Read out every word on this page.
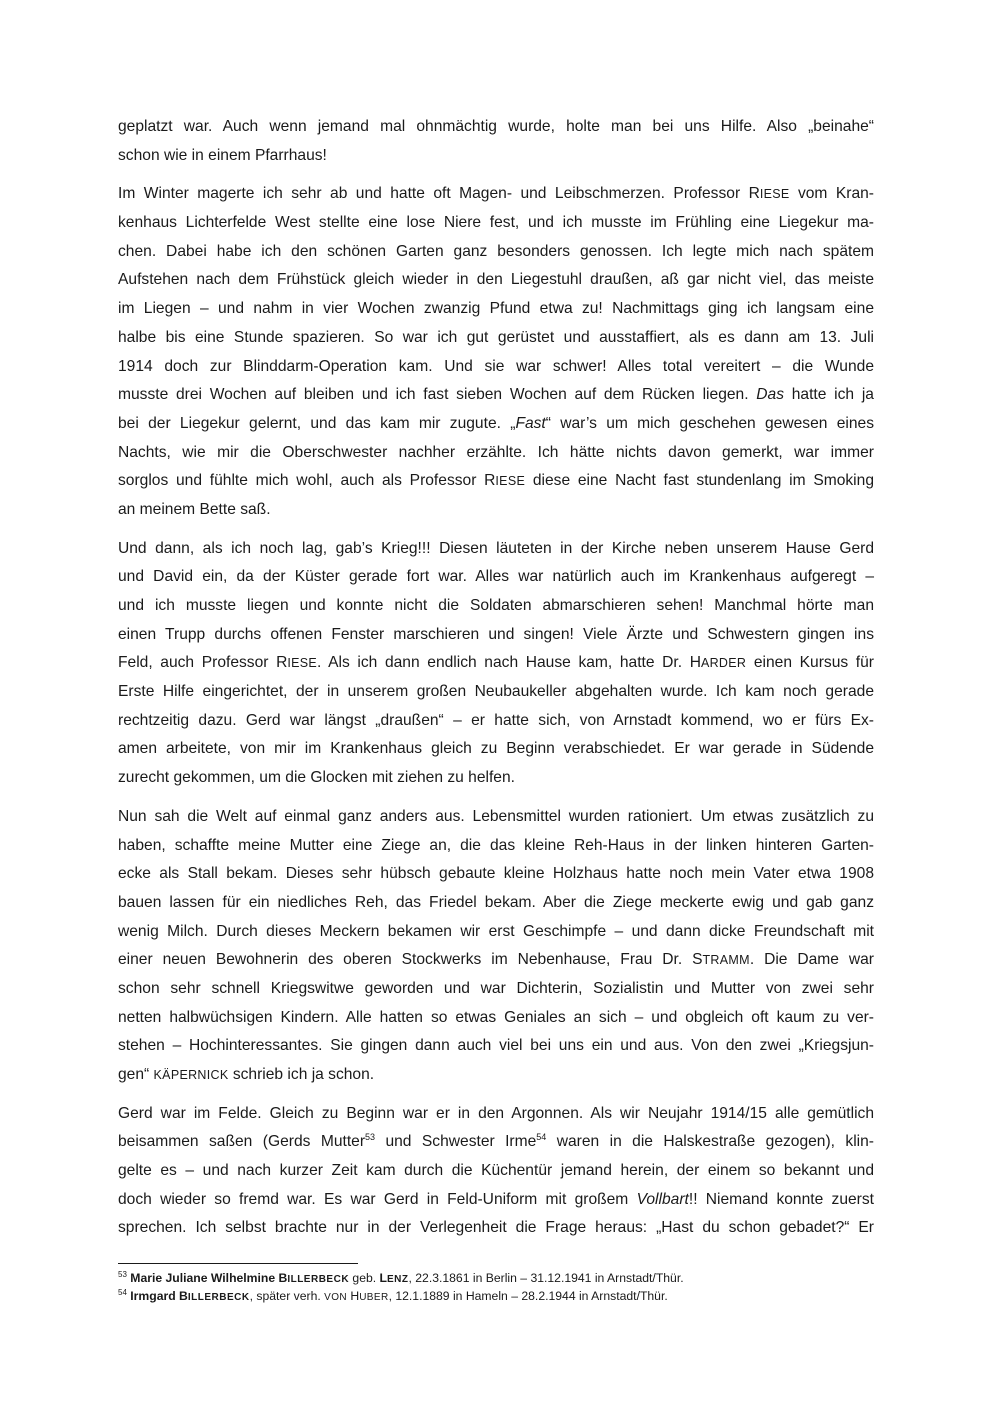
geplatzt war. Auch wenn jemand mal ohnmächtig wurde, holte man bei uns Hilfe. Also „beinahe“
schon wie in einem Pfarrhaus!
Im Winter magerte ich sehr ab und hatte oft Magen- und Leibschmerzen. Professor RIESE vom Kran-
kenhaus Lichterfelde West stellte eine lose Niere fest, und ich musste im Frühling eine Liegekur ma-
chen. Dabei habe ich den schönen Garten ganz besonders genossen. Ich legte mich nach spätem
Aufstehen nach dem Frühstück gleich wieder in den Liegestuhl draußen, aß gar nicht viel, das meiste
im Liegen – und nahm in vier Wochen zwanzig Pfund etwa zu! Nachmittags ging ich langsam eine
halbe bis eine Stunde spazieren. So war ich gut gerüstet und ausstaffiert, als es dann am 13. Juli
1914 doch zur Blinddarm-Operation kam. Und sie war schwer! Alles total vereitert – die Wunde
musste drei Wochen auf bleiben und ich fast sieben Wochen auf dem Rücken liegen. Das hatte ich ja
bei der Liegekur gelernt, und das kam mir zugute. „Fast“ war’s um mich geschehen gewesen eines
Nachts, wie mir die Oberschwester nachher erzählte. Ich hätte nichts davon gemerkt, war immer
sorglos und fühlte mich wohl, auch als Professor RIESE diese eine Nacht fast stundenlang im Smoking
an meinem Bette saß.
Und dann, als ich noch lag, gab’s Krieg!!! Diesen läuteten in der Kirche neben unserem Hause Gerd
und David ein, da der Küster gerade fort war. Alles war natürlich auch im Krankenhaus aufgeregt –
und ich musste liegen und konnte nicht die Soldaten abmarschieren sehen! Manchmal hörte man
einen Trupp durchs offenen Fenster marschieren und singen! Viele Ärzte und Schwestern gingen ins
Feld, auch Professor RIESE. Als ich dann endlich nach Hause kam, hatte Dr. HARDER einen Kursus für
Erste Hilfe eingerichtet, der in unserem großen Neubaukeller abgehalten wurde. Ich kam noch gerade
rechtzeitig dazu. Gerd war längst „draußen“ – er hatte sich, von Arnstadt kommend, wo er fürs Ex-
amen arbeitete, von mir im Krankenhaus gleich zu Beginn verabschiedet. Er war gerade in Südende
zurecht gekommen, um die Glocken mit ziehen zu helfen.
Nun sah die Welt auf einmal ganz anders aus. Lebensmittel wurden rationiert. Um etwas zusätzlich zu
haben, schaffte meine Mutter eine Ziege an, die das kleine Reh-Haus in der linken hinteren Garten-
ecke als Stall bekam. Dieses sehr hübsch gebaute kleine Holzhaus hatte noch mein Vater etwa 1908
bauen lassen für ein niedliches Reh, das Friedel bekam. Aber die Ziege meckerte ewig und gab ganz
wenig Milch. Durch dieses Meckern bekamen wir erst Geschimpfe – und dann dicke Freundschaft mit
einer neuen Bewohnerin des oberen Stockwerks im Nebenhause, Frau Dr. STRAMM. Die Dame war
schon sehr schnell Kriegswitwe geworden und war Dichterin, Sozialistin und Mutter von zwei sehr
netten halbwüchsigen Kindern. Alle hatten so etwas Geniales an sich – und obgleich oft kaum zu ver-
stehen – Hochinteressantes. Sie gingen dann auch viel bei uns ein und aus. Von den zwei „Kriegsjun-
gen“ KÄPERNICK schrieb ich ja schon.
Gerd war im Felde. Gleich zu Beginn war er in den Argonnen. Als wir Neujahr 1914/15 alle gemütlich
beisammen saßen (Gerds Mutter$^{53}$ und Schwester Irme$^{54}$ waren in die Halskestraße gezogen), klin-
gelte es – und nach kurzer Zeit kam durch die Küchentür jemand herein, der einem so bekannt und
doch wieder so fremd war. Es war Gerd in Feld-Uniform mit großem Vollbart!! Niemand konnte zuerst
sprechen. Ich selbst brachte nur in der Verlegenheit die Frage heraus: „Hast du schon gebadet?“ Er
$^{53}$ Marie Juliane Wilhelmine BILLERBECK geb. LENZ, 22.3.1861 in Berlin – 31.12.1941 in Arnstadt/Thür.
$^{54}$ Irmgard BILLERBECK, später verh. VON HUBER, 12.1.1889 in Hameln – 28.2.1944 in Arnstadt/Thür.
